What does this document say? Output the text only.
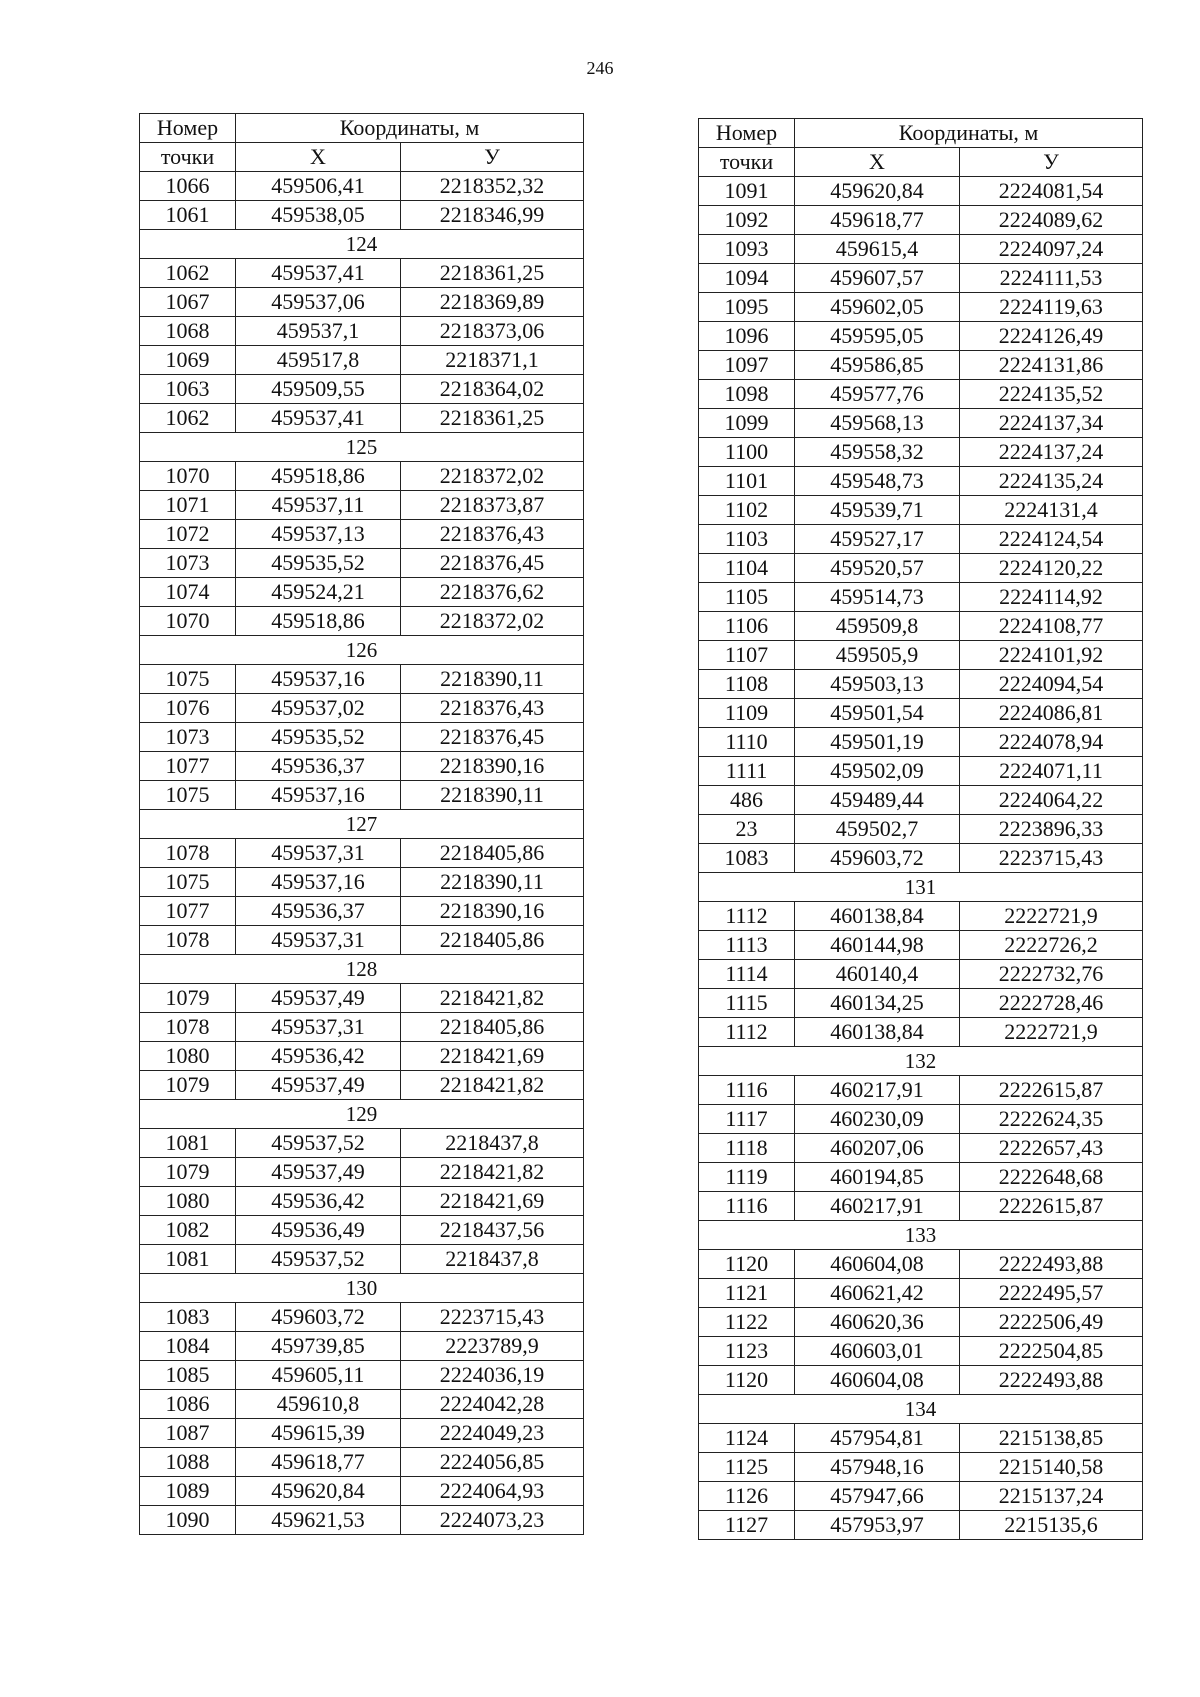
246
Номер	Координаты, м	
точки	X	У
1066	459506,41	2218352,32
1061	459538,05	2218346,99
124		
1062	459537,41	2218361,25
1067	459537,06	2218369,89
1068	459537,1	2218373,06
1069	459517,8	2218371,1
1063	459509,55	2218364,02
1062	459537,41	2218361,25
125		
1070	459518,86	2218372,02
1071	459537,11	2218373,87
1072	459537,13	2218376,43
1073	459535,52	2218376,45
1074	459524,21	2218376,62
1070	459518,86	2218372,02
126		
1075	459537,16	2218390,11
1076	459537,02	2218376,43
1073	459535,52	2218376,45
1077	459536,37	2218390,16
1075	459537,16	2218390,11
127		
1078	459537,31	2218405,86
1075	459537,16	2218390,11
1077	459536,37	2218390,16
1078	459537,31	2218405,86
128		
1079	459537,49	2218421,82
1078	459537,31	2218405,86
1080	459536,42	2218421,69
1079	459537,49	2218421,82
129		
1081	459537,52	2218437,8
1079	459537,49	2218421,82
1080	459536,42	2218421,69
1082	459536,49	2218437,56
1081	459537,52	2218437,8
130		
1083	459603,72	2223715,43
1084	459739,85	2223789,9
1085	459605,11	2224036,19
1086	459610,8	2224042,28
1087	459615,39	2224049,23
1088	459618,77	2224056,85
1089	459620,84	2224064,93
1090	459621,53	2224073,23
Номер	Координаты, м	
точки	X	У
1091	459620,84	2224081,54
1092	459618,77	2224089,62
1093	459615,4	2224097,24
1094	459607,57	2224111,53
1095	459602,05	2224119,63
1096	459595,05	2224126,49
1097	459586,85	2224131,86
1098	459577,76	2224135,52
1099	459568,13	2224137,34
1100	459558,32	2224137,24
1101	459548,73	2224135,24
1102	459539,71	2224131,4
1103	459527,17	2224124,54
1104	459520,57	2224120,22
1105	459514,73	2224114,92
1106	459509,8	2224108,77
1107	459505,9	2224101,92
1108	459503,13	2224094,54
1109	459501,54	2224086,81
1110	459501,19	2224078,94
1111	459502,09	2224071,11
486	459489,44	2224064,22
23	459502,7	2223896,33
1083	459603,72	2223715,43
131		
1112	460138,84	2222721,9
1113	460144,98	2222726,2
1114	460140,4	2222732,76
1115	460134,25	2222728,46
1112	460138,84	2222721,9
132		
1116	460217,91	2222615,87
1117	460230,09	2222624,35
1118	460207,06	2222657,43
1119	460194,85	2222648,68
1116	460217,91	2222615,87
133		
1120	460604,08	2222493,88
1121	460621,42	2222495,57
1122	460620,36	2222506,49
1123	460603,01	2222504,85
1120	460604,08	2222493,88
134		
1124	457954,81	2215138,85
1125	457948,16	2215140,58
1126	457947,66	2215137,24
1127	457953,97	2215135,6
